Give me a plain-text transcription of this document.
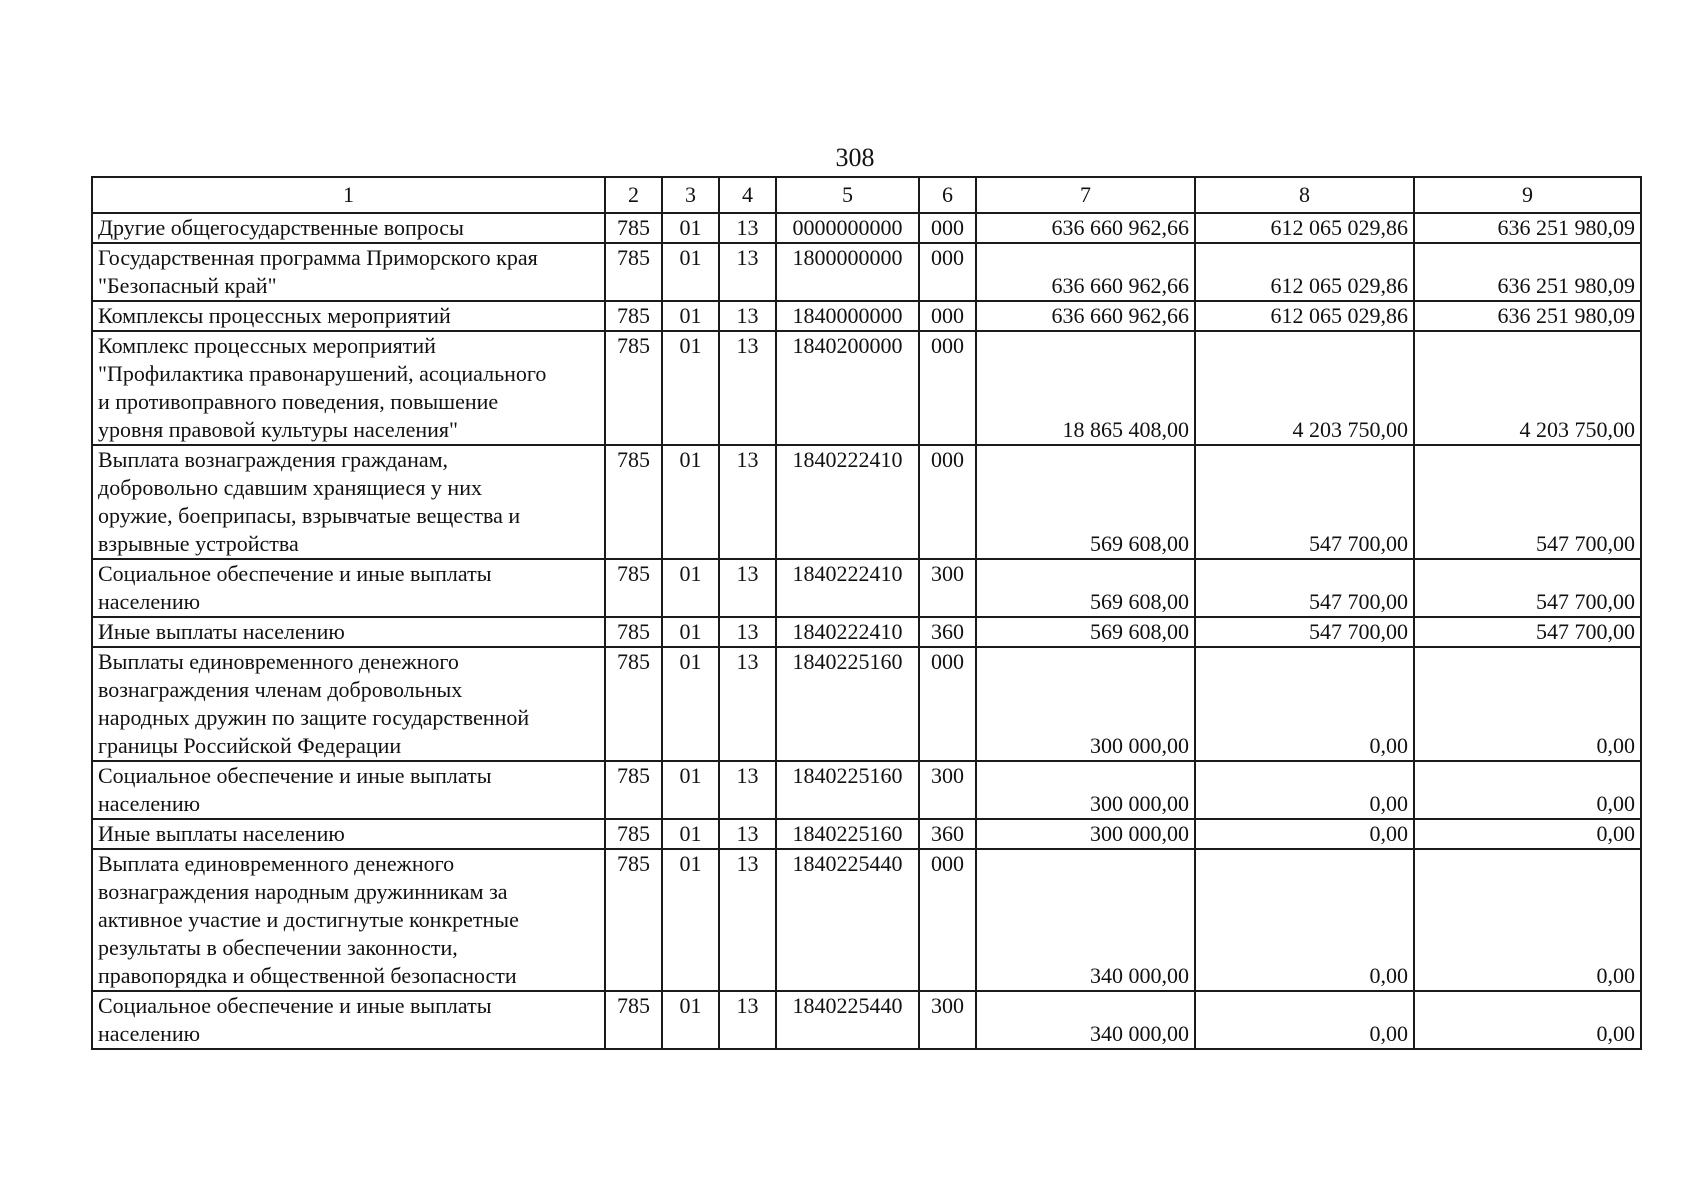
308
1	2	3	4	5	6	7	8	9

Другие общегосударственные вопросы	785	01	13	0000000000	000	636 660 962,66	612 065 029,86	636 251 980,09

Государственная программа Приморского края
"Безопасный край"	785	01	13	1800000000	000	636 660 962,66	612 065 029,86	636 251 980,09

Комплексы процессных мероприятий	785	01	13	1840000000	000	636 660 962,66	612 065 029,86	636 251 980,09

Комплекс процессных мероприятий
"Профилактика правонарушений, асоциального
и противоправного поведения, повышение
уровня правовой культуры населения"	785	01	13	1840200000	000	18 865 408,00	4 203 750,00	4 203 750,00

Выплата вознаграждения гражданам,
добровольно сдавшим хранящиеся у них
оружие, боеприпасы, взрывчатые вещества и
взрывные устройства	785	01	13	1840222410	000	569 608,00	547 700,00	547 700,00

Социальное обеспечение и иные выплаты
населению	785	01	13	1840222410	300	569 608,00	547 700,00	547 700,00

Иные выплаты населению	785	01	13	1840222410	360	569 608,00	547 700,00	547 700,00

Выплаты единовременного денежного
вознаграждения членам добровольных
народных дружин по защите государственной
границы Российской Федерации	785	01	13	1840225160	000	300 000,00	0,00	0,00

Социальное обеспечение и иные выплаты
населению	785	01	13	1840225160	300	300 000,00	0,00	0,00

Иные выплаты населению	785	01	13	1840225160	360	300 000,00	0,00	0,00

Выплата единовременного денежного
вознаграждения народным дружинникам за
активное участие и достигнутые конкретные
результаты в обеспечении законности,
правопорядка и общественной безопасности	785	01	13	1840225440	000	340 000,00	0,00	0,00

Социальное обеспечение и иные выплаты
населению	785	01	13	1840225440	300	340 000,00	0,00	0,00
